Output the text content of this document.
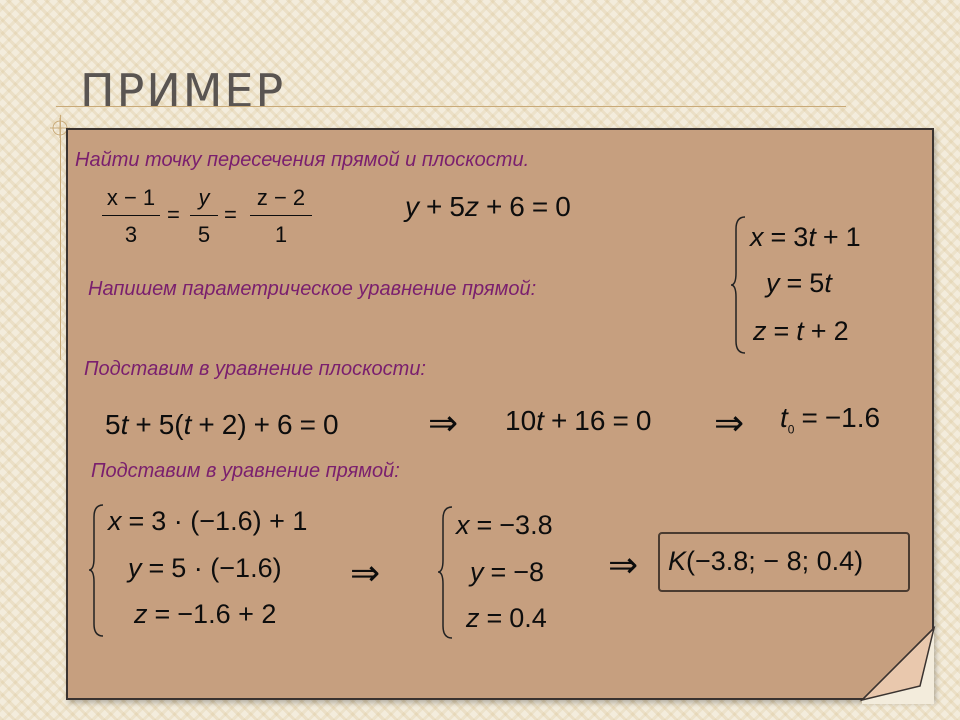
ПРИМЕР

Найти точку пересечения прямой и плоскости.

x − 1
3
=
y
5
=
z − 2
1
y + 5z + 6 = 0

Напишем параметрическое уравнение прямой:

x = 3t + 1
y = 5t
z = t + 2

Подставим в уравнение плоскости:

5t + 5(t + 2) + 6 = 0 ⇒ 10t + 16 = 0 ⇒ $t_0 = -1.6$

Подставим в уравнение прямой:

x = 3 · (−1.6) + 1
y = 5 · (−1.6)
z = −1.6 + 2
⇒
x = −3.8
y = −8
z = 0.4
⇒ K(−3.8; − 8; 0.4)
